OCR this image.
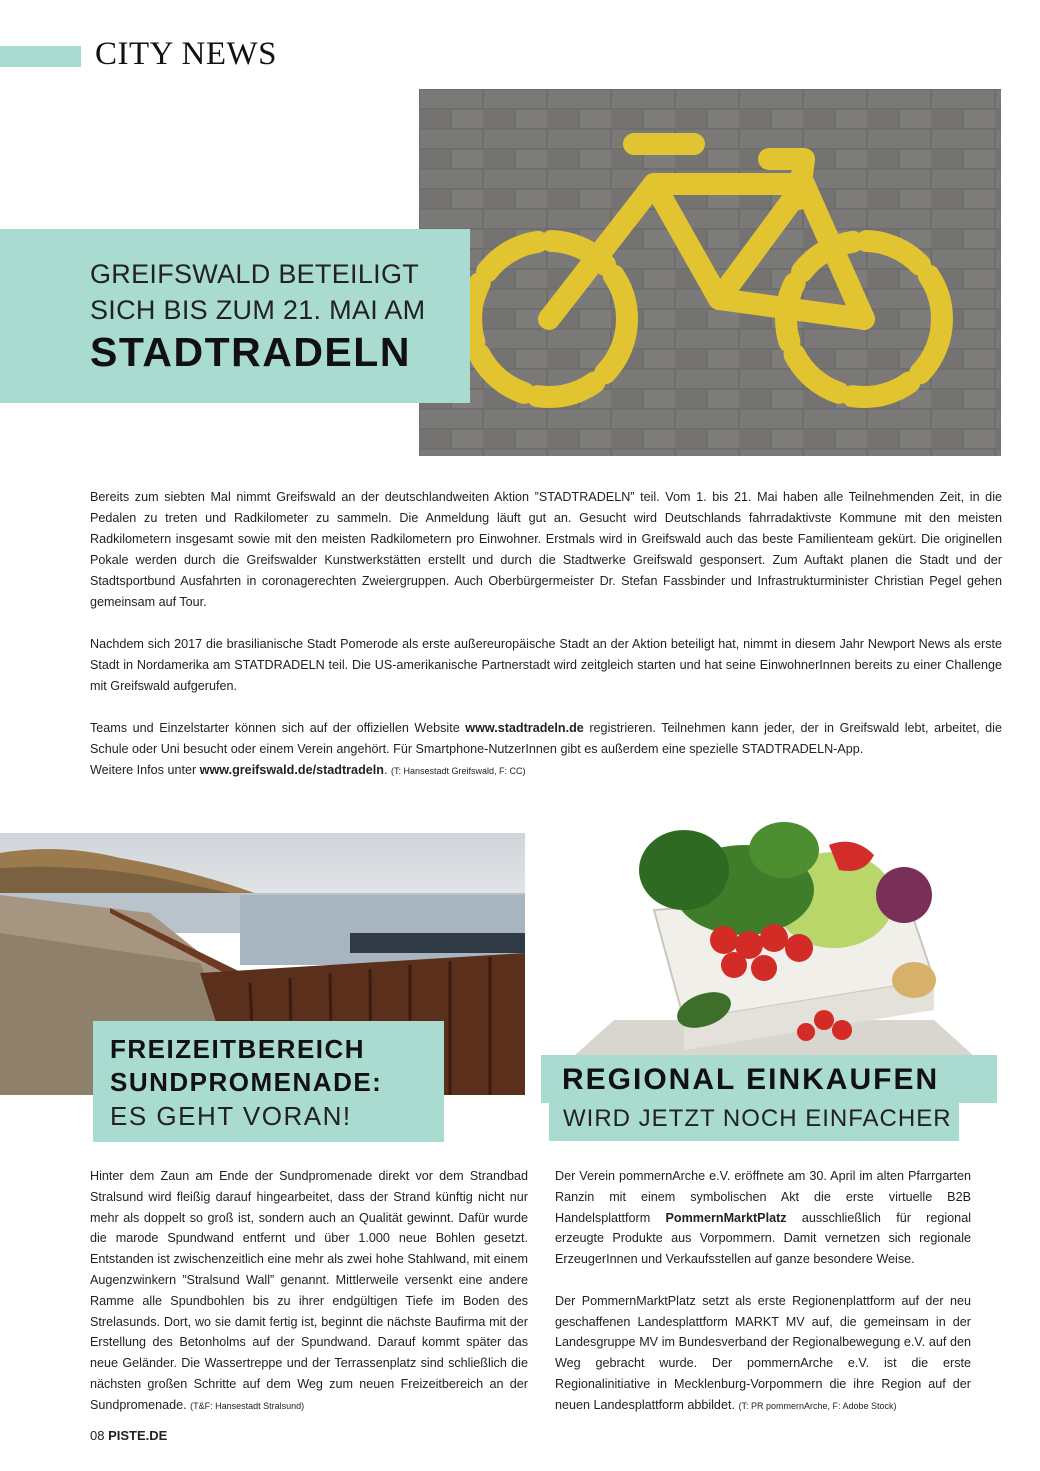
CITY NEWS
GREIFSWALD BETEILIGT
SICH BIS ZUM 21. MAI AM
STADTRADELN

Bereits zum siebten Mal nimmt Greifswald an der deutschlandweiten Aktion ”STADTRADELN” teil. Vom 1. bis 21. Mai haben alle Teilnehmenden Zeit, in die Pedalen zu treten und Radkilometer zu sammeln. Die Anmeldung läuft gut an. Gesucht wird Deutschlands fahrradaktivste Kommune mit den meisten Radkilometern insgesamt sowie mit den meisten Radkilometern pro Einwohner. Erstmals wird in Greifswald auch das beste Familienteam gekürt. Die originellen Pokale werden durch die Greifswalder Kunstwerkstätten erstellt und durch die Stadtwerke Greifswald gesponsert. Zum Auftakt planen die Stadt und der Stadtsportbund Ausfahrten in coronagerechten Zweiergruppen. Auch Oberbürgermeister Dr. Stefan Fassbinder und Infrastrukturminister Christian Pegel gehen gemeinsam auf Tour.

Nachdem sich 2017 die brasilianische Stadt Pomerode als erste außereuropäische Stadt an der Aktion beteiligt hat, nimmt in diesem Jahr Newport News als erste Stadt in Nordamerika am STATDRADELN teil. Die US-amerikanische Partnerstadt wird zeitgleich starten und hat seine EinwohnerInnen bereits zu einer Challenge mit Greifswald aufgerufen.

Teams und Einzelstarter können sich auf der offiziellen Website www.stadtradeln.de registrieren. Teilnehmen kann jeder, der in Greifswald lebt, arbeitet, die Schule oder Uni besucht oder einem Verein angehört. Für Smartphone-NutzerInnen gibt es außerdem eine spezielle STADTRADELN-App.
Weitere Infos unter www.greifswald.de/stadtradeln. (T: Hansestadt Greifswald, F: CC)

FREIZEITBEREICH
SUNDPROMENADE:
ES GEHT VORAN!
REGIONAL EINKAUFEN
WIRD JETZT NOCH EINFACHER

Hinter dem Zaun am Ende der Sundpromenade direkt vor dem Strandbad Stralsund wird fleißig darauf hingearbeitet, dass der Strand künftig nicht nur mehr als doppelt so groß ist, sondern auch an Qualität gewinnt. Dafür wurde die marode Spundwand entfernt und über 1.000 neue Bohlen gesetzt. Entstanden ist zwischenzeitlich eine mehr als zwei hohe Stahlwand, mit einem Augenzwinkern ”Stralsund Wall” genannt. Mittlerweile versenkt eine andere Ramme alle Spundbohlen bis zu ihrer endgültigen Tiefe im Boden des Strelasunds. Dort, wo sie damit fertig ist, beginnt die nächste Baufirma mit der Erstellung des Betonholms auf der Spundwand. Darauf kommt später das neue Geländer. Die Wassertreppe und der Terrassenplatz sind schließlich die nächsten großen Schritte auf dem Weg zum neuen Freizeitbereich an der Sundpromenade. (T&F: Hansestadt Stralsund)

Der Verein pommernArche e.V. eröffnete am 30. April im alten Pfarrgarten Ranzin mit einem symbolischen Akt die erste virtuelle B2B Handelsplattform PommernMarktPlatz ausschließlich für regional erzeugte Produkte aus Vorpommern. Damit vernetzen sich regionale ErzeugerInnen und Verkaufsstellen auf ganze besondere Weise.

Der PommernMarktPlatz setzt als erste Regionenplattform auf der neu geschaffenen Landesplattform MARKT MV auf, die gemeinsam in der Landesgruppe MV im Bundesverband der Regionalbewegung e.V. auf den Weg gebracht wurde. Der pommernArche e.V. ist die erste Regionalinitiative in Mecklenburg-Vorpommern die ihre Region auf der neuen Landesplattform abbildet. (T: PR pommernArche, F: Adobe Stock)

08 PISTE.DE
